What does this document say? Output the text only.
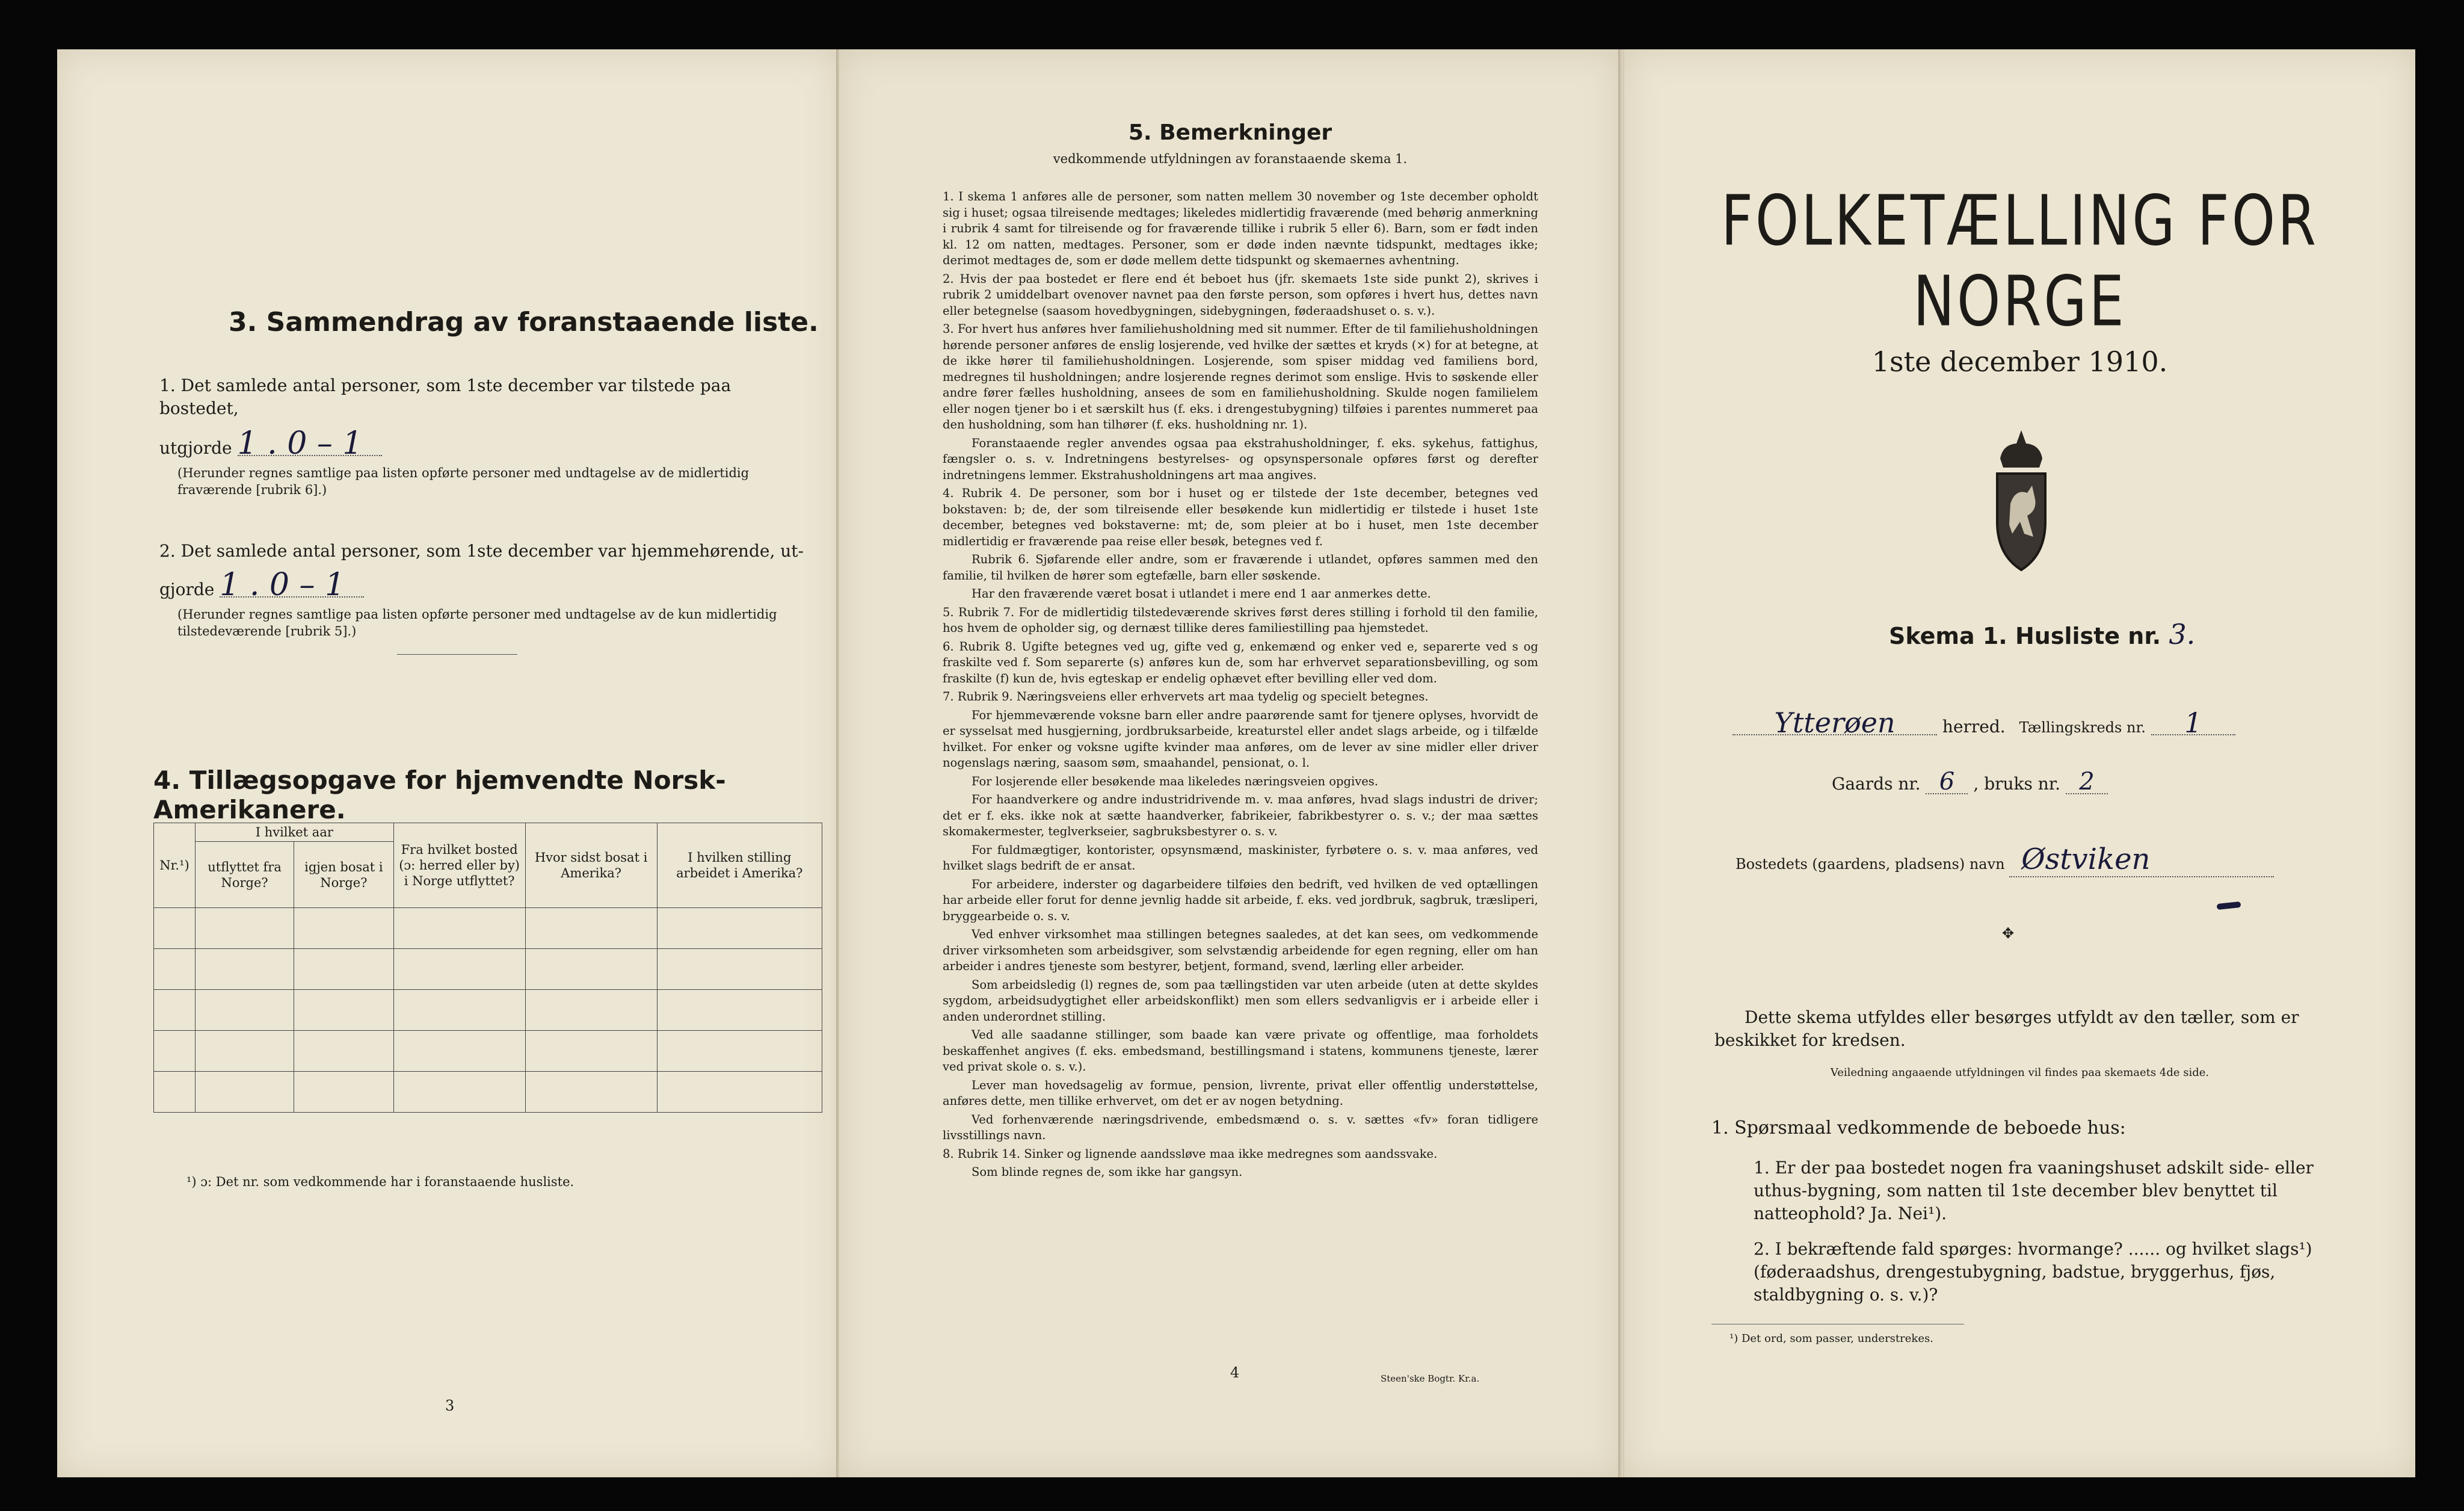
3. Sammendrag av foranstaaende liste.
1. Det samlede antal personer, som 1ste december var tilstede paa bostedet,
utgjorde 1 . 0 – 1
(Herunder regnes samtlige paa listen opførte personer med undtagelse av de midlertidig fraværende [rubrik 6].)
2. Det samlede antal personer, som 1ste december var hjemmehørende, ut-
gjorde 1 . 0 – 1
(Herunder regnes samtlige paa listen opførte personer med undtagelse av de kun midlertidig tilstedeværende [rubrik 5].)
4. Tillægsopgave for hjemvendte Norsk-Amerikanere.
Nr.¹)	I hvilket aar		Fra hvilket bosted (ɔ: herred eller by) i Norge utflyttet?	Hvor sidst bosat i Amerika?	I hvilken stilling arbeidet i Amerika?
	utflyttet fra Norge?	igjen bosat i Norge?			

¹) ɔ: Det nr. som vedkommende har i foranstaaende husliste.
3
5. Bemerkninger
vedkommende utfyldningen av foranstaaende skema 1.

1. I skema 1 anføres alle de personer, som natten mellem 30 november og 1ste december opholdt sig i huset; ogsaa tilreisende medtages; likeledes midlertidig fraværende (med behørig anmerkning i rubrik 4 samt for tilreisende og for fraværende tillike i rubrik 5 eller 6). Barn, som er født inden kl. 12 om natten, medtages. Personer, som er døde inden nævnte tidspunkt, medtages ikke; derimot medtages de, som er døde mellem dette tidspunkt og skemaernes avhentning.

2. Hvis der paa bostedet er flere end ét beboet hus (jfr. skemaets 1ste side punkt 2), skrives i rubrik 2 umiddelbart ovenover navnet paa den første person, som opføres i hvert hus, dettes navn eller betegnelse (saasom hovedbygningen, sidebygningen, føderaadshuset o. s. v.).

3. For hvert hus anføres hver familiehusholdning med sit nummer. Efter de til familiehusholdningen hørende personer anføres de enslig losjerende, ved hvilke der sættes et kryds (×) for at betegne, at de ikke hører til familiehusholdningen. Losjerende, som spiser middag ved familiens bord, medregnes til husholdningen; andre losjerende regnes derimot som enslige. Hvis to søskende eller andre fører fælles husholdning, ansees de som en familiehusholdning. Skulde nogen familielem eller nogen tjener bo i et særskilt hus (f. eks. i drengestubygning) tilføies i parentes nummeret paa den husholdning, som han tilhører (f. eks. husholdning nr. 1).

Foranstaaende regler anvendes ogsaa paa ekstrahusholdninger, f. eks. sykehus, fattighus, fængsler o. s. v. Indretningens bestyrelses- og opsynspersonale opføres først og derefter indretningens lemmer. Ekstrahusholdningens art maa angives.

4. Rubrik 4. De personer, som bor i huset og er tilstede der 1ste december, betegnes ved bokstaven: b; de, der som tilreisende eller besøkende kun midlertidig er tilstede i huset 1ste december, betegnes ved bokstaverne: mt; de, som pleier at bo i huset, men 1ste december midlertidig er fraværende paa reise eller besøk, betegnes ved f.

Rubrik 6. Sjøfarende eller andre, som er fraværende i utlandet, opføres sammen med den familie, til hvilken de hører som egtefælle, barn eller søskende.

Har den fraværende været bosat i utlandet i mere end 1 aar anmerkes dette.

5. Rubrik 7. For de midlertidig tilstedeværende skrives først deres stilling i forhold til den familie, hos hvem de opholder sig, og dernæst tillike deres familiestilling paa hjemstedet.

6. Rubrik 8. Ugifte betegnes ved ug, gifte ved g, enkemænd og enker ved e, separerte ved s og fraskilte ved f. Som separerte (s) anføres kun de, som har erhvervet separationsbevilling, og som fraskilte (f) kun de, hvis egteskap er endelig ophævet efter bevilling eller ved dom.

7. Rubrik 9. Næringsveiens eller erhvervets art maa tydelig og specielt betegnes.

For hjemmeværende voksne barn eller andre paarørende samt for tjenere oplyses, hvorvidt de er sysselsat med husgjerning, jordbruksarbeide, kreaturstel eller andet slags arbeide, og i tilfælde hvilket. For enker og voksne ugifte kvinder maa anføres, om de lever av sine midler eller driver nogenslags næring, saasom søm, smaahandel, pensionat, o. l.

For losjerende eller besøkende maa likeledes næringsveien opgives.

For haandverkere og andre industridrivende m. v. maa anføres, hvad slags industri de driver; det er f. eks. ikke nok at sætte haandverker, fabrikeier, fabrikbestyrer o. s. v.; der maa sættes skomakermester, teglverkseier, sagbruksbestyrer o. s. v.

For fuldmægtiger, kontorister, opsynsmænd, maskinister, fyrbøtere o. s. v. maa anføres, ved hvilket slags bedrift de er ansat.

For arbeidere, inderster og dagarbeidere tilføies den bedrift, ved hvilken de ved optællingen har arbeide eller forut for denne jevnlig hadde sit arbeide, f. eks. ved jordbruk, sagbruk, træsliperi, bryggearbeide o. s. v.

Ved enhver virksomhet maa stillingen betegnes saaledes, at det kan sees, om vedkommende driver virksomheten som arbeidsgiver, som selvstændig arbeidende for egen regning, eller om han arbeider i andres tjeneste som bestyrer, betjent, formand, svend, lærling eller arbeider.

Som arbeidsledig (l) regnes de, som paa tællingstiden var uten arbeide (uten at dette skyldes sygdom, arbeidsudygtighet eller arbeidskonflikt) men som ellers sedvanligvis er i arbeide eller i anden underordnet stilling.

Ved alle saadanne stillinger, som baade kan være private og offentlige, maa forholdets beskaffenhet angives (f. eks. embedsmand, bestillingsmand i statens, kommunens tjeneste, lærer ved privat skole o. s. v.).

Lever man hovedsagelig av formue, pension, livrente, privat eller offentlig understøttelse, anføres dette, men tillike erhvervet, om det er av nogen betydning.

Ved forhenværende næringsdrivende, embedsmænd o. s. v. sættes «fv» foran tidligere livsstillings navn.

8. Rubrik 14. Sinker og lignende aandssløve maa ikke medregnes som aandssvake.

Som blinde regnes de, som ikke har gangsyn.

4	Steen'ske Bogtr. Kr.a.
FOLKETÆLLING FOR NORGE
1ste december 1910.
Skema 1. Husliste nr. 3.
Ytterøen	herred. Tællingskreds nr. 1
Gaards nr. 6 , bruks nr. 2
Bostedets (gaardens, pladsens) navn Østviken
✥
Dette skema utfyldes eller besørges utfyldt av den tæller, som er
beskikket for kredsen.
Veiledning angaaende utfyldningen vil findes paa skemaets 4de side.
1. Spørsmaal vedkommende de beboede hus:
1. Er der paa bostedet nogen fra vaaningshuset adskilt side- eller uthus-bygning, som natten til 1ste december blev benyttet til natteophold? Ja. Nei¹).
2. I bekræftende fald spørges: hvormange? ...... og hvilket slags¹) (føderaadshus, drengestubygning, badstue, bryggerhus, fjøs, staldbygning o. s. v.)?
¹) Det ord, som passer, understrekes.
